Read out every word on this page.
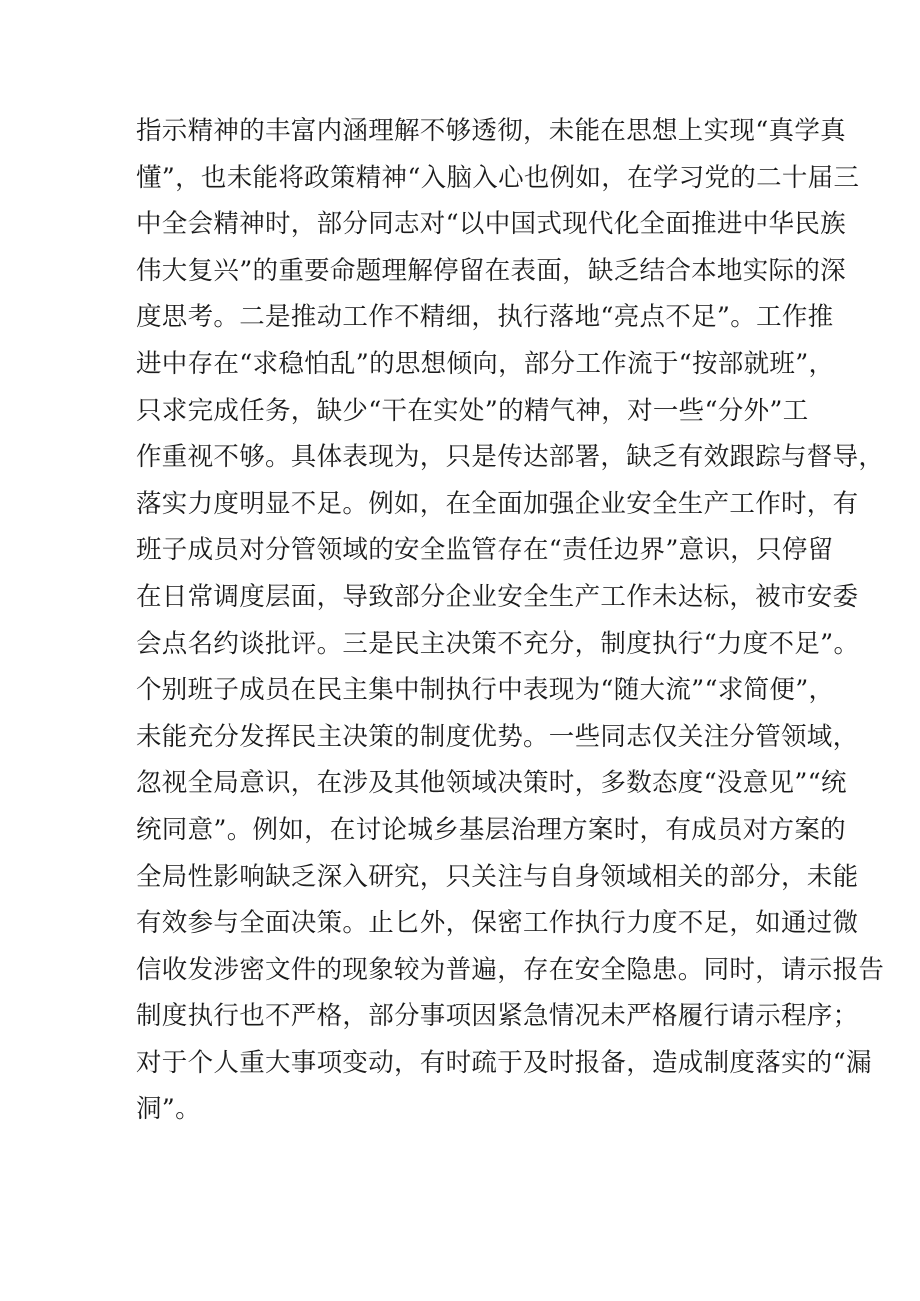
指示精神的丰富内涵理解不够透彻，未能在思想上实现“真学真
懂”，也未能将政策精神“入脑入心也例如，在学习党的二十届三
中全会精神时，部分同志对“以中国式现代化全面推进中华民族
伟大复兴”的重要命题理解停留在表面，缺乏结合本地实际的深
度思考。二是推动工作不精细，执行落地“亮点不足”。工作推
进中存在“求稳怕乱”的思想倾向，部分工作流于“按部就班”，
只求完成任务，缺少“干在实处”的精气神，对一些“分外”工
作重视不够。具体表现为，只是传达部署，缺乏有效跟踪与督导，
落实力度明显不足。例如，在全面加强企业安全生产工作时，有
班子成员对分管领域的安全监管存在“责任边界”意识，只停留
在日常调度层面，导致部分企业安全生产工作未达标，被市安委
会点名约谈批评。三是民主决策不充分，制度执行“力度不足”。
个别班子成员在民主集中制执行中表现为“随大流”“求简便”，
未能充分发挥民主决策的制度优势。一些同志仅关注分管领域，
忽视全局意识，在涉及其他领域决策时，多数态度“没意见”“统
统同意”。例如，在讨论城乡基层治理方案时，有成员对方案的
全局性影响缺乏深入研究，只关注与自身领域相关的部分，未能
有效参与全面决策。止匕外，保密工作执行力度不足，如通过微
信收发涉密文件的现象较为普遍，存在安全隐患。同时，请示报告
制度执行也不严格，部分事项因紧急情况未严格履行请示程序；
对于个人重大事项变动，有时疏于及时报备，造成制度落实的“漏
洞”。
